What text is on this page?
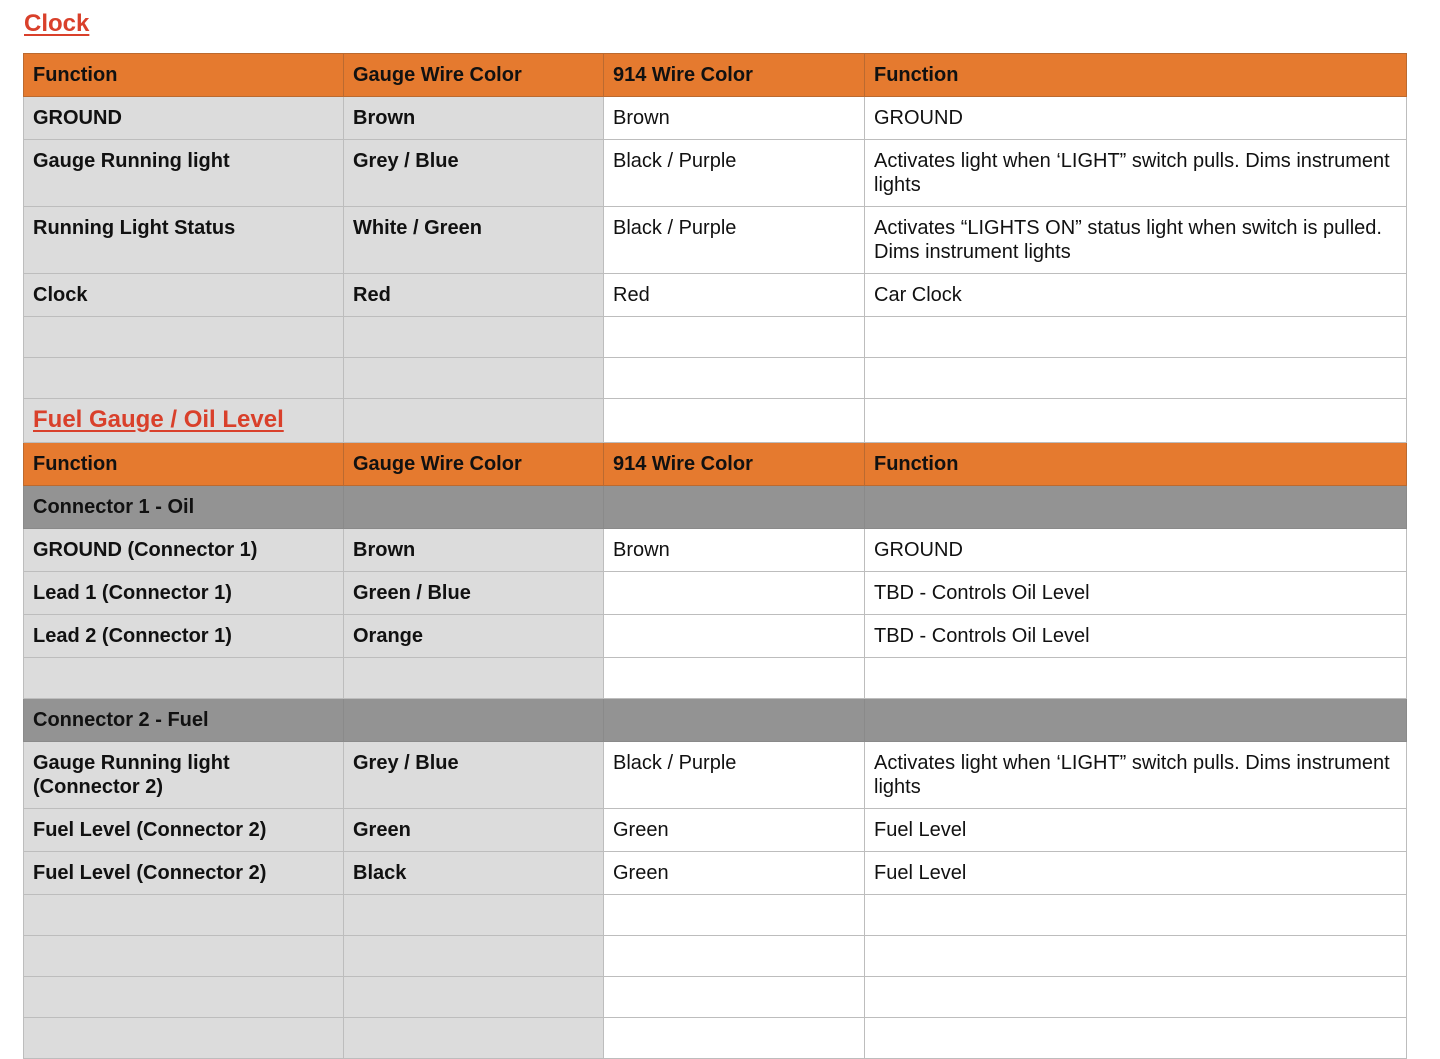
Clock
Function	Gauge Wire Color	914 Wire Color	Function
GROUND	Brown	Brown	GROUND
Gauge Running light	Grey / Blue	Black / Purple	Activates light when ‘LIGHT” switch pulls. Dims instrument lights
Running Light Status	White / Green	Black / Purple	Activates “LIGHTS ON” status light when switch is pulled. Dims instrument lights
Clock	Red	Red	Car Clock

Fuel Gauge / Oil Level			
Function	Gauge Wire Color	914 Wire Color	Function
Connector 1 - Oil			
GROUND (Connector 1)	Brown	Brown	GROUND
Lead 1 (Connector 1)	Green / Blue		TBD - Controls Oil Level
Lead 2 (Connector 1)	Orange		TBD - Controls Oil Level

Connector 2 - Fuel			
Gauge Running light (Connector 2)	Grey / Blue	Black / Purple	Activates light when ‘LIGHT” switch pulls. Dims instrument lights
Fuel Level (Connector 2)	Green	Green	Fuel Level
Fuel Level (Connector 2)	Black	Green	Fuel Level
